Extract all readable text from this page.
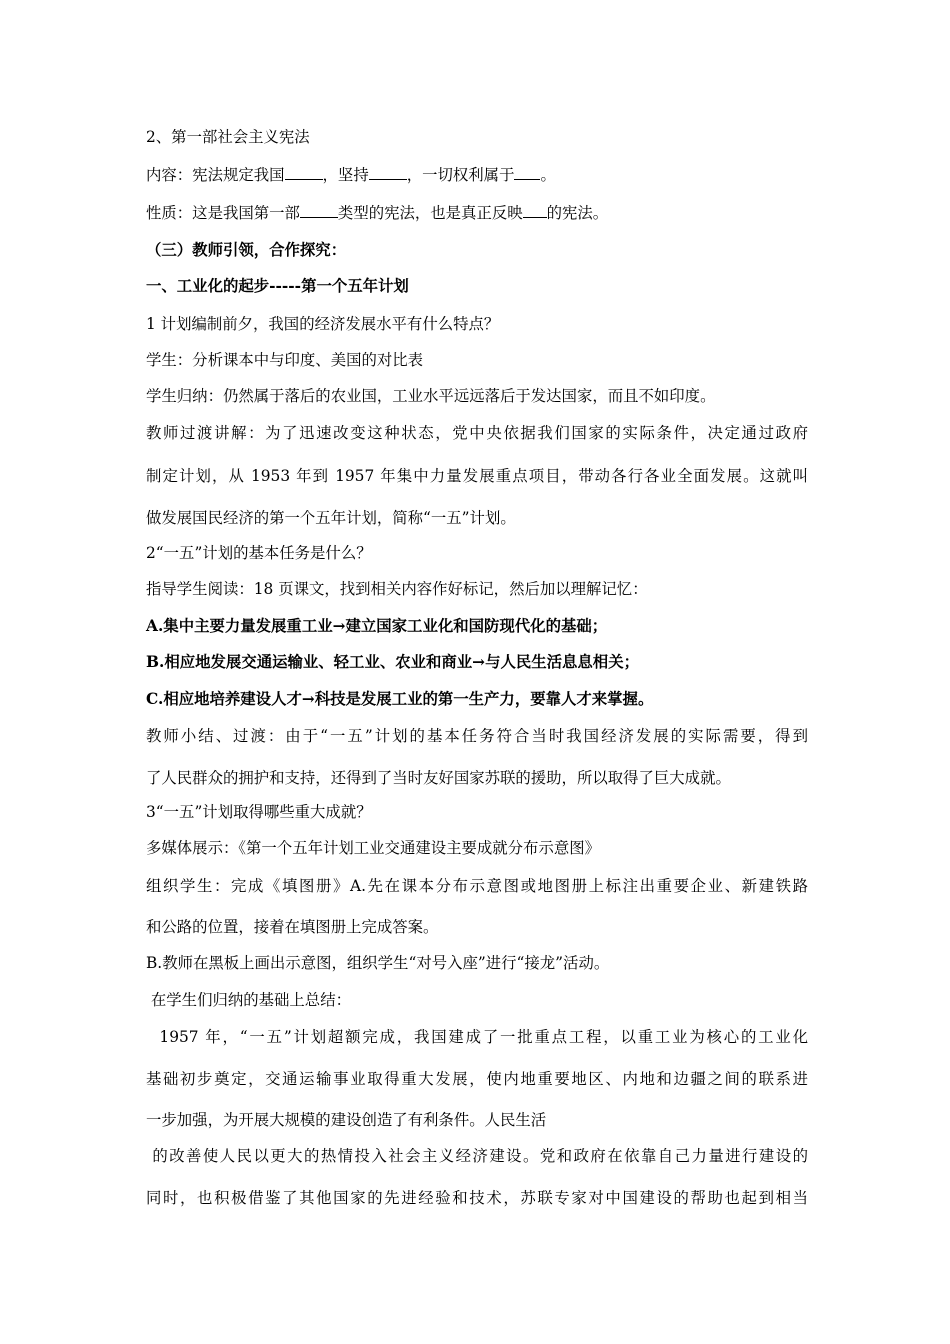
2、第一部社会主义宪法
内容：宪法规定我国 ，坚持 ，一切权利属于 。
性质：这是我国第一部 类型的宪法，也是真正反映 的宪法。
（三）教师引领，合作探究：
一、工业化的起步-----第一个五年计划
1 计划编制前夕，我国的经济发展水平有什么特点？
学生：分析课本中与印度、美国的对比表
学生归纳：仍然属于落后的农业国，工业水平远远落后于发达国家，而且不如印度。
教师过渡讲解：为了迅速改变这种状态，党中央依据我们国家的实际条件，决定通过政府
制定计划，从 1953 年到 1957 年集中力量发展重点项目，带动各行各业全面发展。这就叫
做发展国民经济的第一个五年计划，简称“一五”计划。
2“一五”计划的基本任务是什么？
指导学生阅读：18 页课文，找到相关内容作好标记，然后加以理解记忆：
A.集中主要力量发展重工业→建立国家工业化和国防现代化的基础；
B.相应地发展交通运输业、轻工业、农业和商业→与人民生活息息相关；
C.相应地培养建设人才→科技是发展工业的第一生产力，要靠人才来掌握。
教师小结、过渡：由于“一五”计划的基本任务符合当时我国经济发展的实际需要，得到
了人民群众的拥护和支持，还得到了当时友好国家苏联的援助，所以取得了巨大成就。
3“一五”计划取得哪些重大成就？
多媒体展示：《第一个五年计划工业交通建设主要成就分布示意图》
组织学生：完成《填图册》A.先在课本分布示意图或地图册上标注出重要企业、新建铁路
和公路的位置，接着在填图册上完成答案。
B.教师在黑板上画出示意图，组织学生“对号入座”进行“接龙”活动。
在学生们归纳的基础上总结：
1957 年，“一五”计划超额完成，我国建成了一批重点工程，以重工业为核心的工业化
基础初步奠定，交通运输事业取得重大发展，使内地重要地区、内地和边疆之间的联系进
一步加强，为开展大规模的建设创造了有利条件。人民生活
的改善使人民以更大的热情投入社会主义经济建设。党和政府在依靠自己力量进行建设的
同时，也积极借鉴了其他国家的先进经验和技术，苏联专家对中国建设的帮助也起到相当
